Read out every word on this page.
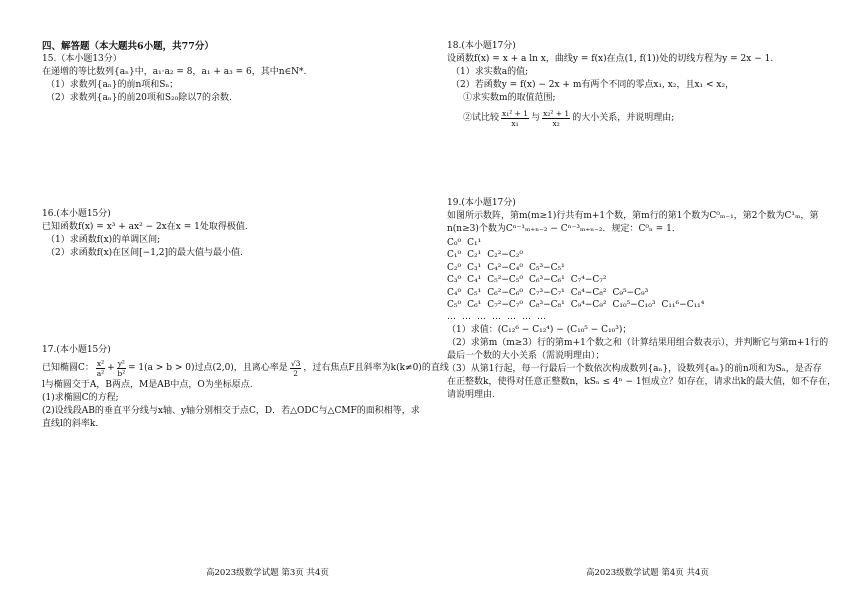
四、解答题（本大题共6小题，共77分）
15.（本小题13分）
在递增的等比数列{aₙ}中，a₁·a₂ = 8，a₁ + a₃ = 6，其中n∈N*.
（1）求数列{aₙ}的前n项和Sₙ；
（2）求数列{aₙ}的前20项和S₂₀除以7的余数.
16.(本小题15分)
已知函数f(x) = x³ + ax² − 2x在x = 1处取得极值.
（1）求函数f(x)的单调区间;
（2）求函数f(x)在区间[−1,2]的最大值与最小值.
17.(本小题15分)
已知椭圆C： $\frac{\text{x²}}{\text{a²}} + \frac{\text{y²}}{\text{b²}} = 1(a > b > 0)$过点(2,0)，且离心率是 $\frac{√3}{2}$ ，过右焦点F且斜率为k(k≠0)的直线
l与椭圆交于A，B两点，M是AB中点，O为坐标原点.
(1)求椭圆C的方程;
(2)设线段AB的垂直平分线与x轴、y轴分别相交于点C，D．若△ODC与△CMF的面积相等，求
直线l的斜率k.
18.(本小题17分)
设函数f(x) = x + a ln x，曲线y = f(x)在点(1, f(1))处的切线方程为y = 2x − 1.
（1）求实数a的值;
（2）若函数y = f(x) − 2x + m有两个不同的零点x₁, x₂，且x₁ < x₂，
①求实数m的取值范围;
②试比较 $\frac{\text{x₁² + 1}}{\text{x₁}}$ 与 $\frac{\text{x₂² + 1}}{\text{x₂}}$ 的大小关系，并说明理由;
19.(本小题17分)
如图所示数阵，第m(m≥1)行共有m+1个数，第m行的第1个数为C⁰ₘ₋₁，第2个数为C¹ₘ，第
n(n≥3)个数为Cⁿ⁻¹ₘ₊ₙ₋₂ − Cⁿ⁻³ₘ₊ₙ₋₂．规定：C⁰ₙ = 1．
C₀⁰ C₁¹
C₁⁰ C₂¹ C₂²−C₂⁰
C₂⁰ C₃¹ C₄²−C₄⁰ C₅³−C₅¹
C₃⁰ C₄¹ C₅²−C₅⁰ C₆³−C₆¹ C₇⁴−C₇²
C₄⁰ C₅¹ C₆²−C₆⁰ C₇³−C₇¹ C₈⁴−C₈² C₉⁵−C₉³
C₅⁰ C₆¹ C₇²−C₇⁰ C₈³−C₈¹ C₉⁴−C₉² C₁₀⁵−C₁₀³ C₁₁⁶−C₁₁⁴
… … … … … … …
（1）求值：(C₁₂⁶ − C₁₂⁴) − (C₁₀⁵ − C₁₀³)；
（2）求第m（m≥3）行的第m+1个数之和（计算结果用组合数表示），并判断它与第m+1行的
最后一个数的大小关系（需说明理由）；
（3）从第1行起，每一行最后一个数依次构成数列{aₙ}，设数列{aₙ}的前n项和为Sₙ，是否存
在正整数k，使得对任意正整数n，kSₙ ≤ 4ⁿ − 1恒成立？如存在，请求出k的最大值，如不存在，
请说明理由.
高2023级数学试题 第3页 共4页	高2023级数学试题 第4页 共4页
